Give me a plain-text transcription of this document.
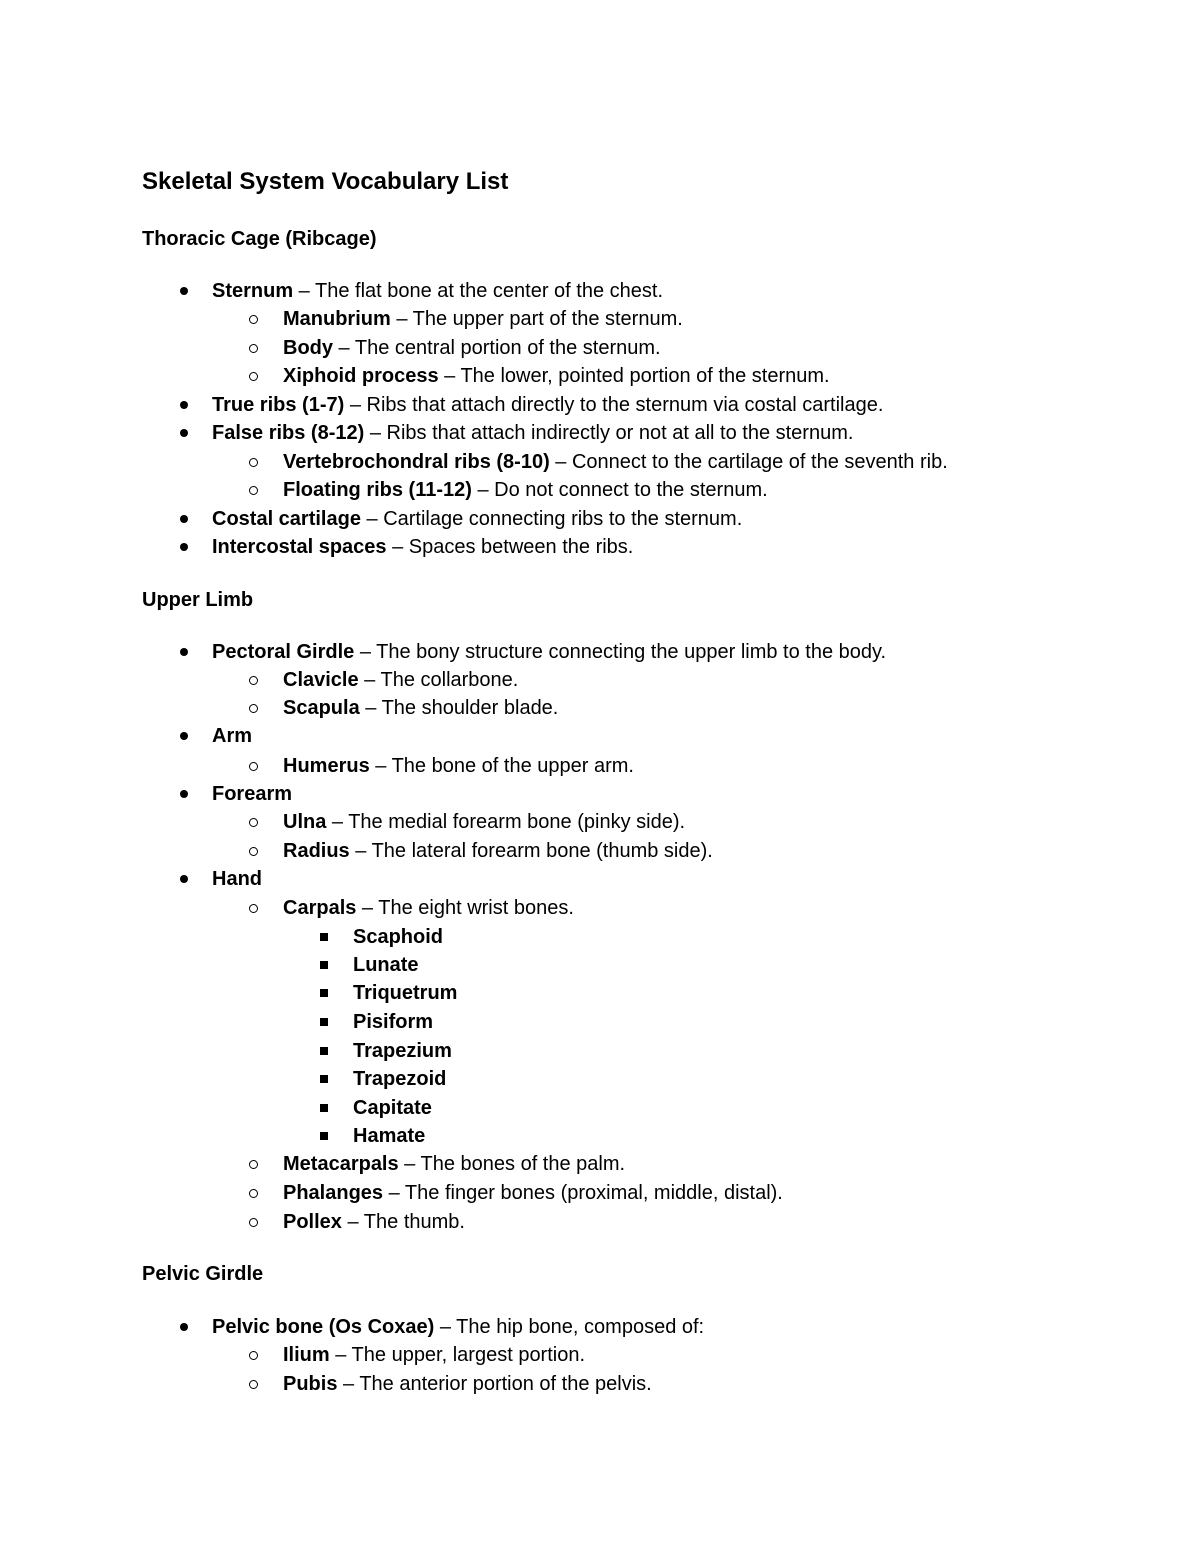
Skeletal System Vocabulary List
Thoracic Cage (Ribcage)
Sternum – The flat bone at the center of the chest.
Manubrium – The upper part of the sternum.
Body – The central portion of the sternum.
Xiphoid process – The lower, pointed portion of the sternum.
True ribs (1-7) – Ribs that attach directly to the sternum via costal cartilage.
False ribs (8-12) – Ribs that attach indirectly or not at all to the sternum.
Vertebrochondral ribs (8-10) – Connect to the cartilage of the seventh rib.
Floating ribs (11-12) – Do not connect to the sternum.
Costal cartilage – Cartilage connecting ribs to the sternum.
Intercostal spaces – Spaces between the ribs.
Upper Limb
Pectoral Girdle – The bony structure connecting the upper limb to the body.
Clavicle – The collarbone.
Scapula – The shoulder blade.
Arm
Humerus – The bone of the upper arm.
Forearm
Ulna – The medial forearm bone (pinky side).
Radius – The lateral forearm bone (thumb side).
Hand
Carpals – The eight wrist bones.
Scaphoid
Lunate
Triquetrum
Pisiform
Trapezium
Trapezoid
Capitate
Hamate
Metacarpals – The bones of the palm.
Phalanges – The finger bones (proximal, middle, distal).
Pollex – The thumb.
Pelvic Girdle
Pelvic bone (Os Coxae) – The hip bone, composed of:
Ilium – The upper, largest portion.
Pubis – The anterior portion of the pelvis.
